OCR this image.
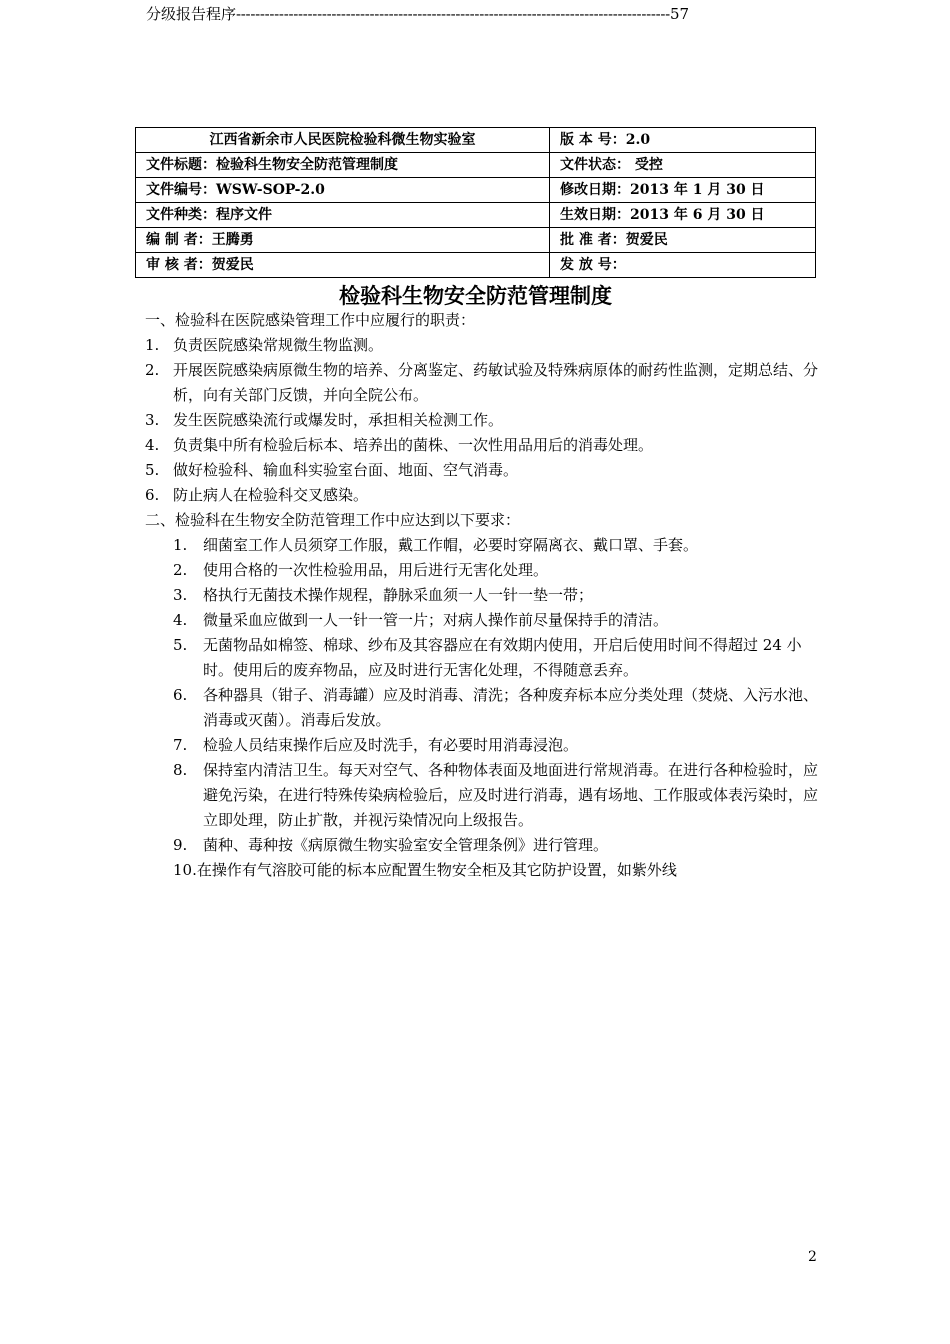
分级报告程序-------------------------------------------------------------------------------------------57
江西省新余市人民医院检验科微生物实验室	版 本 号：2.0
文件标题：检验科生物安全防范管理制度	文件状态： 受控
文件编号：WSW-SOP-2.0	修改日期：2013 年 1 月 30 日
文件种类：程序文件	生效日期：2013 年 6 月 30 日
编 制 者：王腾勇	批 准 者：贺爱民
审 核 者：贺爱民	发 放 号：
检验科生物安全防范管理制度

一、检验科在医院感染管理工作中应履行的职责：

1. 负责医院感染常规微生物监测。
2. 开展医院感染病原微生物的培养、分离鉴定、药敏试验及特殊病原体的耐药性监测，定期总结、分析，向有关部门反馈，并向全院公布。
3. 发生医院感染流行或爆发时，承担相关检测工作。
4. 负责集中所有检验后标本、培养出的菌株、一次性用品用后的消毒处理。
5. 做好检验科、输血科实验室台面、地面、空气消毒。
6. 防止病人在检验科交叉感染。

二、检验科在生物安全防范管理工作中应达到以下要求：

1. 细菌室工作人员须穿工作服，戴工作帽，必要时穿隔离衣、戴口罩、手套。
2. 使用合格的一次性检验用品，用后进行无害化处理。
3. 格执行无菌技术操作规程，静脉采血须一人一针一垫一带；
4. 微量采血应做到一人一针一管一片；对病人操作前尽量保持手的清洁。
5. 无菌物品如棉签、棉球、纱布及其容器应在有效期内使用，开启后使用时间不得超过 24 小时。使用后的废弃物品，应及时进行无害化处理，不得随意丢弃。
6. 各种器具（钳子、消毒罐）应及时消毒、清洗；各种废弃标本应分类处理（焚烧、入污水池、消毒或灭菌）。消毒后发放。
7. 检验人员结束操作后应及时洗手，有必要时用消毒浸泡。
8. 保持室内清洁卫生。每天对空气、各种物体表面及地面进行常规消毒。在进行各种检验时，应避免污染，在进行特殊传染病检验后，应及时进行消毒，遇有场地、工作服或体表污染时，应立即处理，防止扩散，并视污染情况向上级报告。
9. 菌种、毒种按《病原微生物实验室安全管理条例》进行管理。
10.在操作有气溶胶可能的标本应配置生物安全柜及其它防护设置，如紫外线
2
